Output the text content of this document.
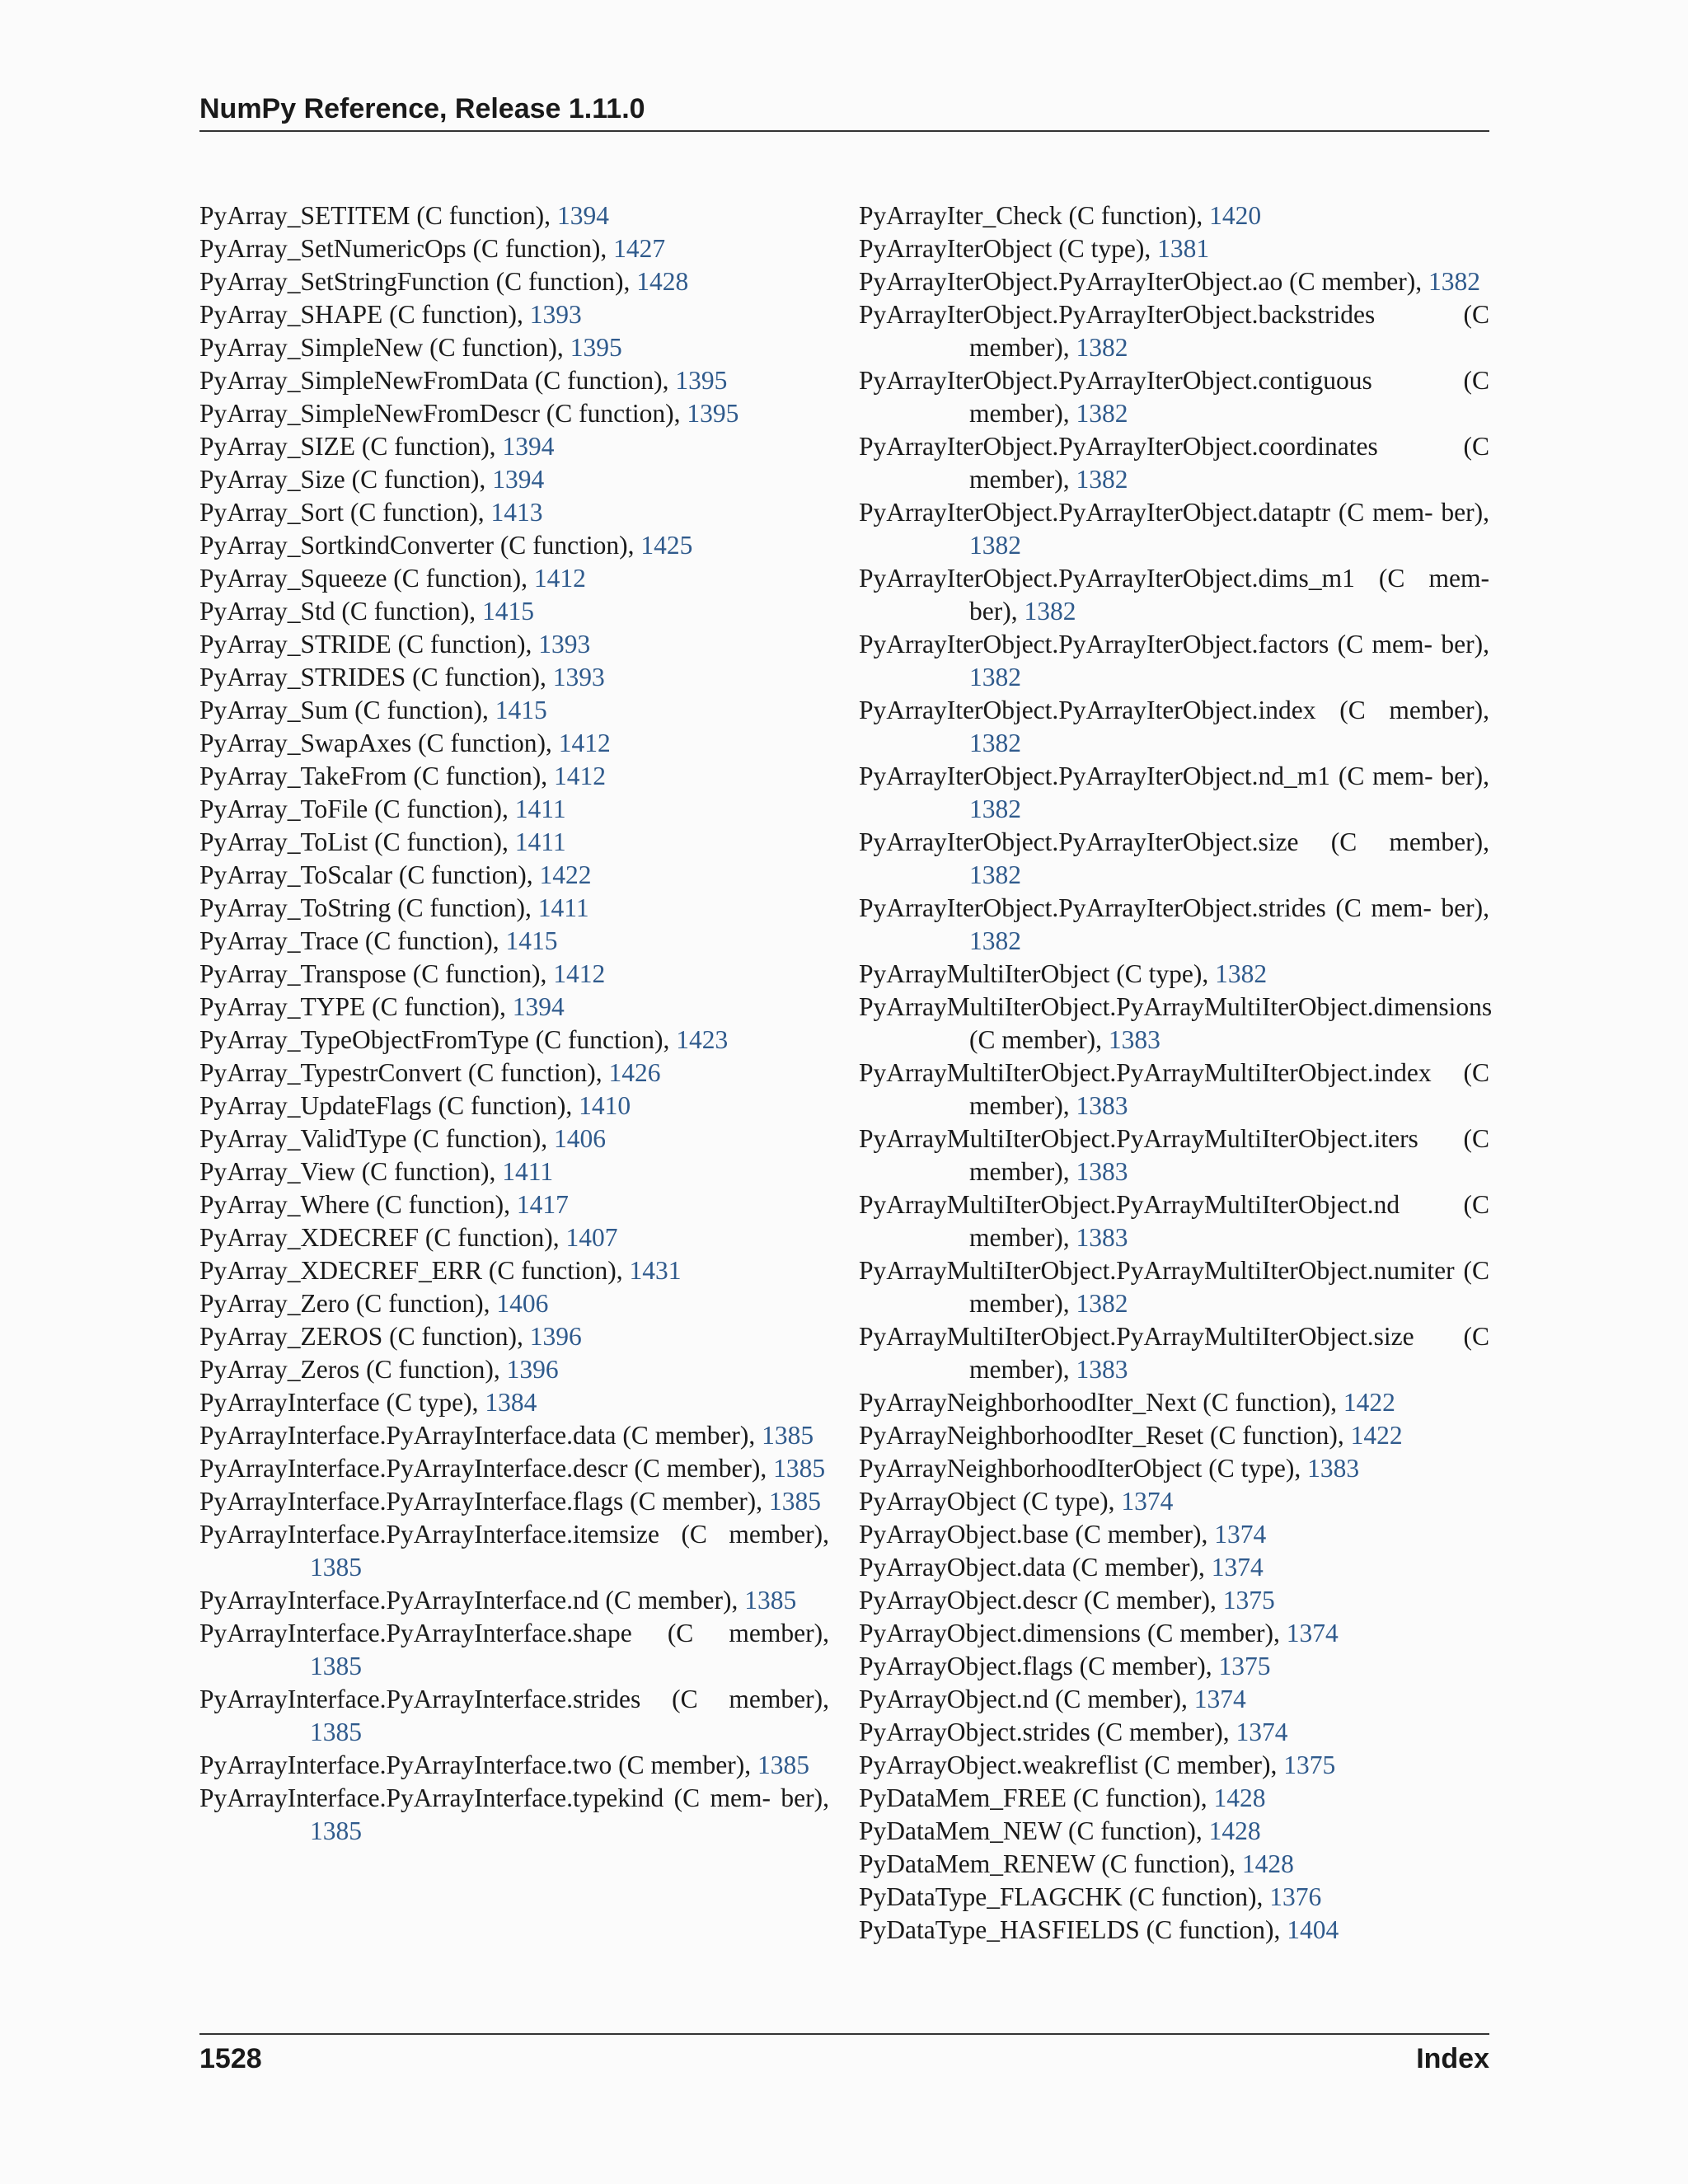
NumPy Reference, Release 1.11.0

PyArray_SETITEM (C function), 1394

PyArray_SetNumericOps (C function), 1427

PyArray_SetStringFunction (C function), 1428

PyArray_SHAPE (C function), 1393

PyArray_SimpleNew (C function), 1395

PyArray_SimpleNewFromData (C function), 1395

PyArray_SimpleNewFromDescr (C function), 1395

PyArray_SIZE (C function), 1394

PyArray_Size (C function), 1394

PyArray_Sort (C function), 1413

PyArray_SortkindConverter (C function), 1425

PyArray_Squeeze (C function), 1412

PyArray_Std (C function), 1415

PyArray_STRIDE (C function), 1393

PyArray_STRIDES (C function), 1393

PyArray_Sum (C function), 1415

PyArray_SwapAxes (C function), 1412

PyArray_TakeFrom (C function), 1412

PyArray_ToFile (C function), 1411

PyArray_ToList (C function), 1411

PyArray_ToScalar (C function), 1422

PyArray_ToString (C function), 1411

PyArray_Trace (C function), 1415

PyArray_Transpose (C function), 1412

PyArray_TYPE (C function), 1394

PyArray_TypeObjectFromType (C function), 1423

PyArray_TypestrConvert (C function), 1426

PyArray_UpdateFlags (C function), 1410

PyArray_ValidType (C function), 1406

PyArray_View (C function), 1411

PyArray_Where (C function), 1417

PyArray_XDECREF (C function), 1407

PyArray_XDECREF_ERR (C function), 1431

PyArray_Zero (C function), 1406

PyArray_ZEROS (C function), 1396

PyArray_Zeros (C function), 1396

PyArrayInterface (C type), 1384

PyArrayInterface.PyArrayInterface.data (C member), 1385

PyArrayInterface.PyArrayInterface.descr (C member), 1385

PyArrayInterface.PyArrayInterface.flags (C member), 1385

PyArrayInterface.PyArrayInterface.itemsize (C member), 1385

PyArrayInterface.PyArrayInterface.nd (C member), 1385

PyArrayInterface.PyArrayInterface.shape (C member), 1385

PyArrayInterface.PyArrayInterface.strides (C member), 1385

PyArrayInterface.PyArrayInterface.two (C member), 1385

PyArrayInterface.PyArrayInterface.typekind (C mem- ber), 1385

PyArrayIter_Check (C function), 1420

PyArrayIterObject (C type), 1381

PyArrayIterObject.PyArrayIterObject.ao (C member), 1382

PyArrayIterObject.PyArrayIterObject.backstrides (C member), 1382

PyArrayIterObject.PyArrayIterObject.contiguous (C member), 1382

PyArrayIterObject.PyArrayIterObject.coordinates (C member), 1382

PyArrayIterObject.PyArrayIterObject.dataptr (C mem- ber), 1382

PyArrayIterObject.PyArrayIterObject.dims_m1 (C mem- ber), 1382

PyArrayIterObject.PyArrayIterObject.factors (C mem- ber), 1382

PyArrayIterObject.PyArrayIterObject.index (C member), 1382

PyArrayIterObject.PyArrayIterObject.nd_m1 (C mem- ber), 1382

PyArrayIterObject.PyArrayIterObject.size (C member), 1382

PyArrayIterObject.PyArrayIterObject.strides (C mem- ber), 1382

PyArrayMultiIterObject (C type), 1382

PyArrayMultiIterObject.PyArrayMultiIterObject.dimensions (C member), 1383

PyArrayMultiIterObject.PyArrayMultiIterObject.index (C member), 1383

PyArrayMultiIterObject.PyArrayMultiIterObject.iters (C member), 1383

PyArrayMultiIterObject.PyArrayMultiIterObject.nd (C member), 1383

PyArrayMultiIterObject.PyArrayMultiIterObject.numiter (C member), 1382

PyArrayMultiIterObject.PyArrayMultiIterObject.size (C member), 1383

PyArrayNeighborhoodIter_Next (C function), 1422

PyArrayNeighborhoodIter_Reset (C function), 1422

PyArrayNeighborhoodIterObject (C type), 1383

PyArrayObject (C type), 1374

PyArrayObject.base (C member), 1374

PyArrayObject.data (C member), 1374

PyArrayObject.descr (C member), 1375

PyArrayObject.dimensions (C member), 1374

PyArrayObject.flags (C member), 1375

PyArrayObject.nd (C member), 1374

PyArrayObject.strides (C member), 1374

PyArrayObject.weakreflist (C member), 1375

PyDataMem_FREE (C function), 1428

PyDataMem_NEW (C function), 1428

PyDataMem_RENEW (C function), 1428

PyDataType_FLAGCHK (C function), 1376

PyDataType_HASFIELDS (C function), 1404

1528	Index
